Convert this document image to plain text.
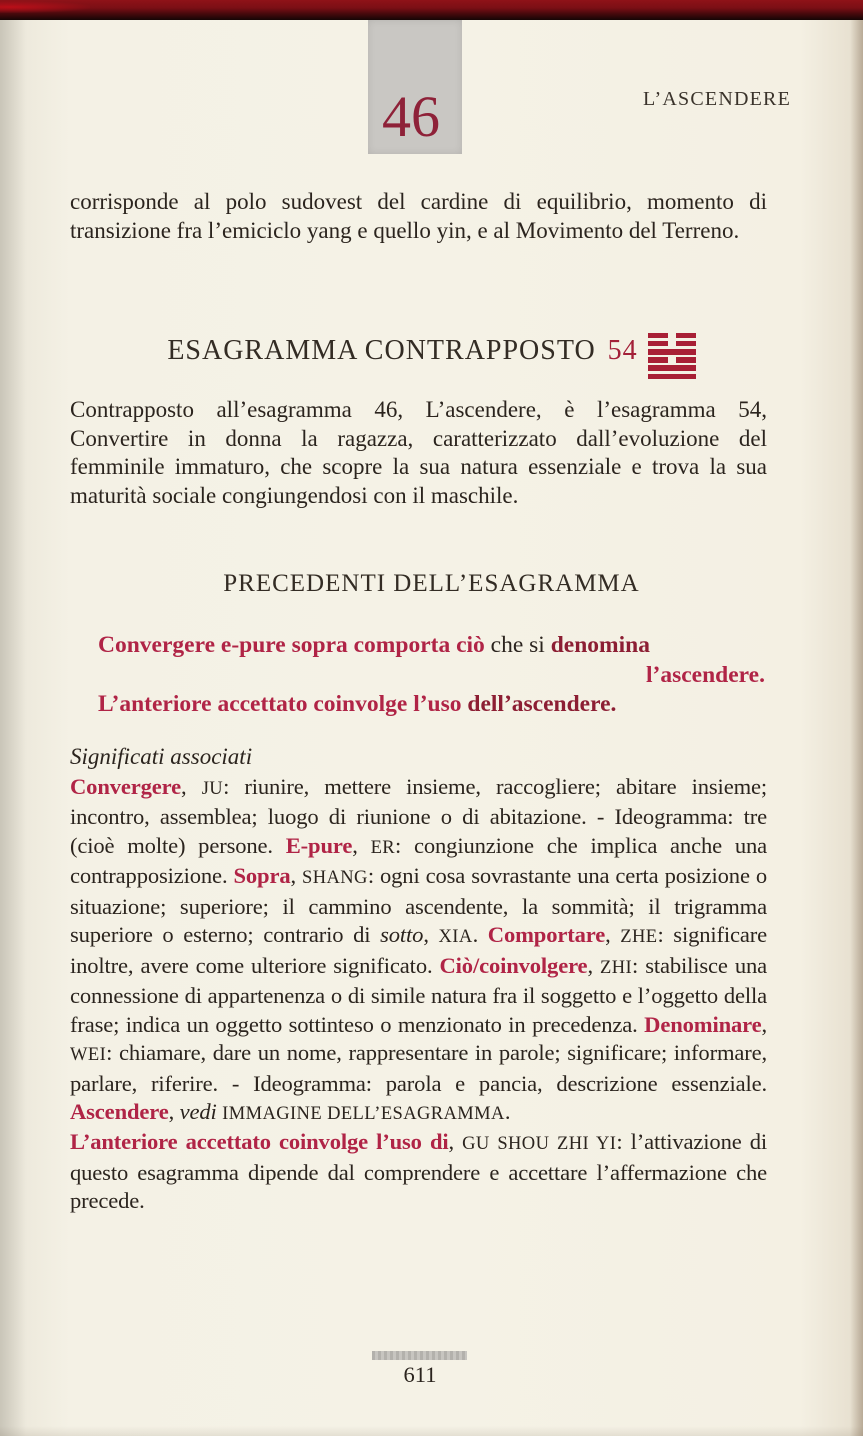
46	L’ASCENDERE
corrisponde al polo sudovest del cardine di equilibrio, momento di transizione fra l’emiciclo yang e quello yin, e al Movimento del Terreno.
ESAGRAMMA CONTRAPPOSTO 54
Contrapposto all’esagramma 46, L’ascendere, è l’esagramma 54, Convertire in donna la ragazza, caratterizzato dall’evoluzione del femminile immaturo, che scopre la sua natura essenziale e trova la sua maturità sociale congiungendosi con il maschile.
PRECEDENTI DELL’ESAGRAMMA
Convergere e-pure sopra comporta ciò che si denomina
l’ascendere.
L’anteriore accettato coinvolge l’uso dell’ascendere.
Significati associati
Convergere, JU: riunire, mettere insieme, raccogliere; abitare insieme; incontro, assemblea; luogo di riunione o di abitazione. - Ideogramma: tre (cioè molte) persone. E-pure, ER: congiunzione che implica anche una contrapposizione. Sopra, SHANG: ogni cosa sovrastante una certa posizione o situazione; superiore; il cammino ascendente, la sommità; il trigramma superiore o esterno; contrario di sotto, XIA. Comportare, ZHE: significare inoltre, avere come ulteriore significato. Ciò/coinvolgere, ZHI: stabilisce una connessione di appartenenza o di simile natura fra il soggetto e l’oggetto della frase; indica un oggetto sottinteso o menzionato in precedenza. Denominare, WEI: chiamare, dare un nome, rappresentare in parole; significare; informare, parlare, riferire. - Ideogramma: parola e pancia, descrizione essenziale. Ascendere, vedi IMMAGINE DELL’ESAGRAMMA.
L’anteriore accettato coinvolge l’uso di, GU SHOU ZHI YI: l’attivazione di questo esagramma dipende dal comprendere e accettare l’affermazione che precede.
611
